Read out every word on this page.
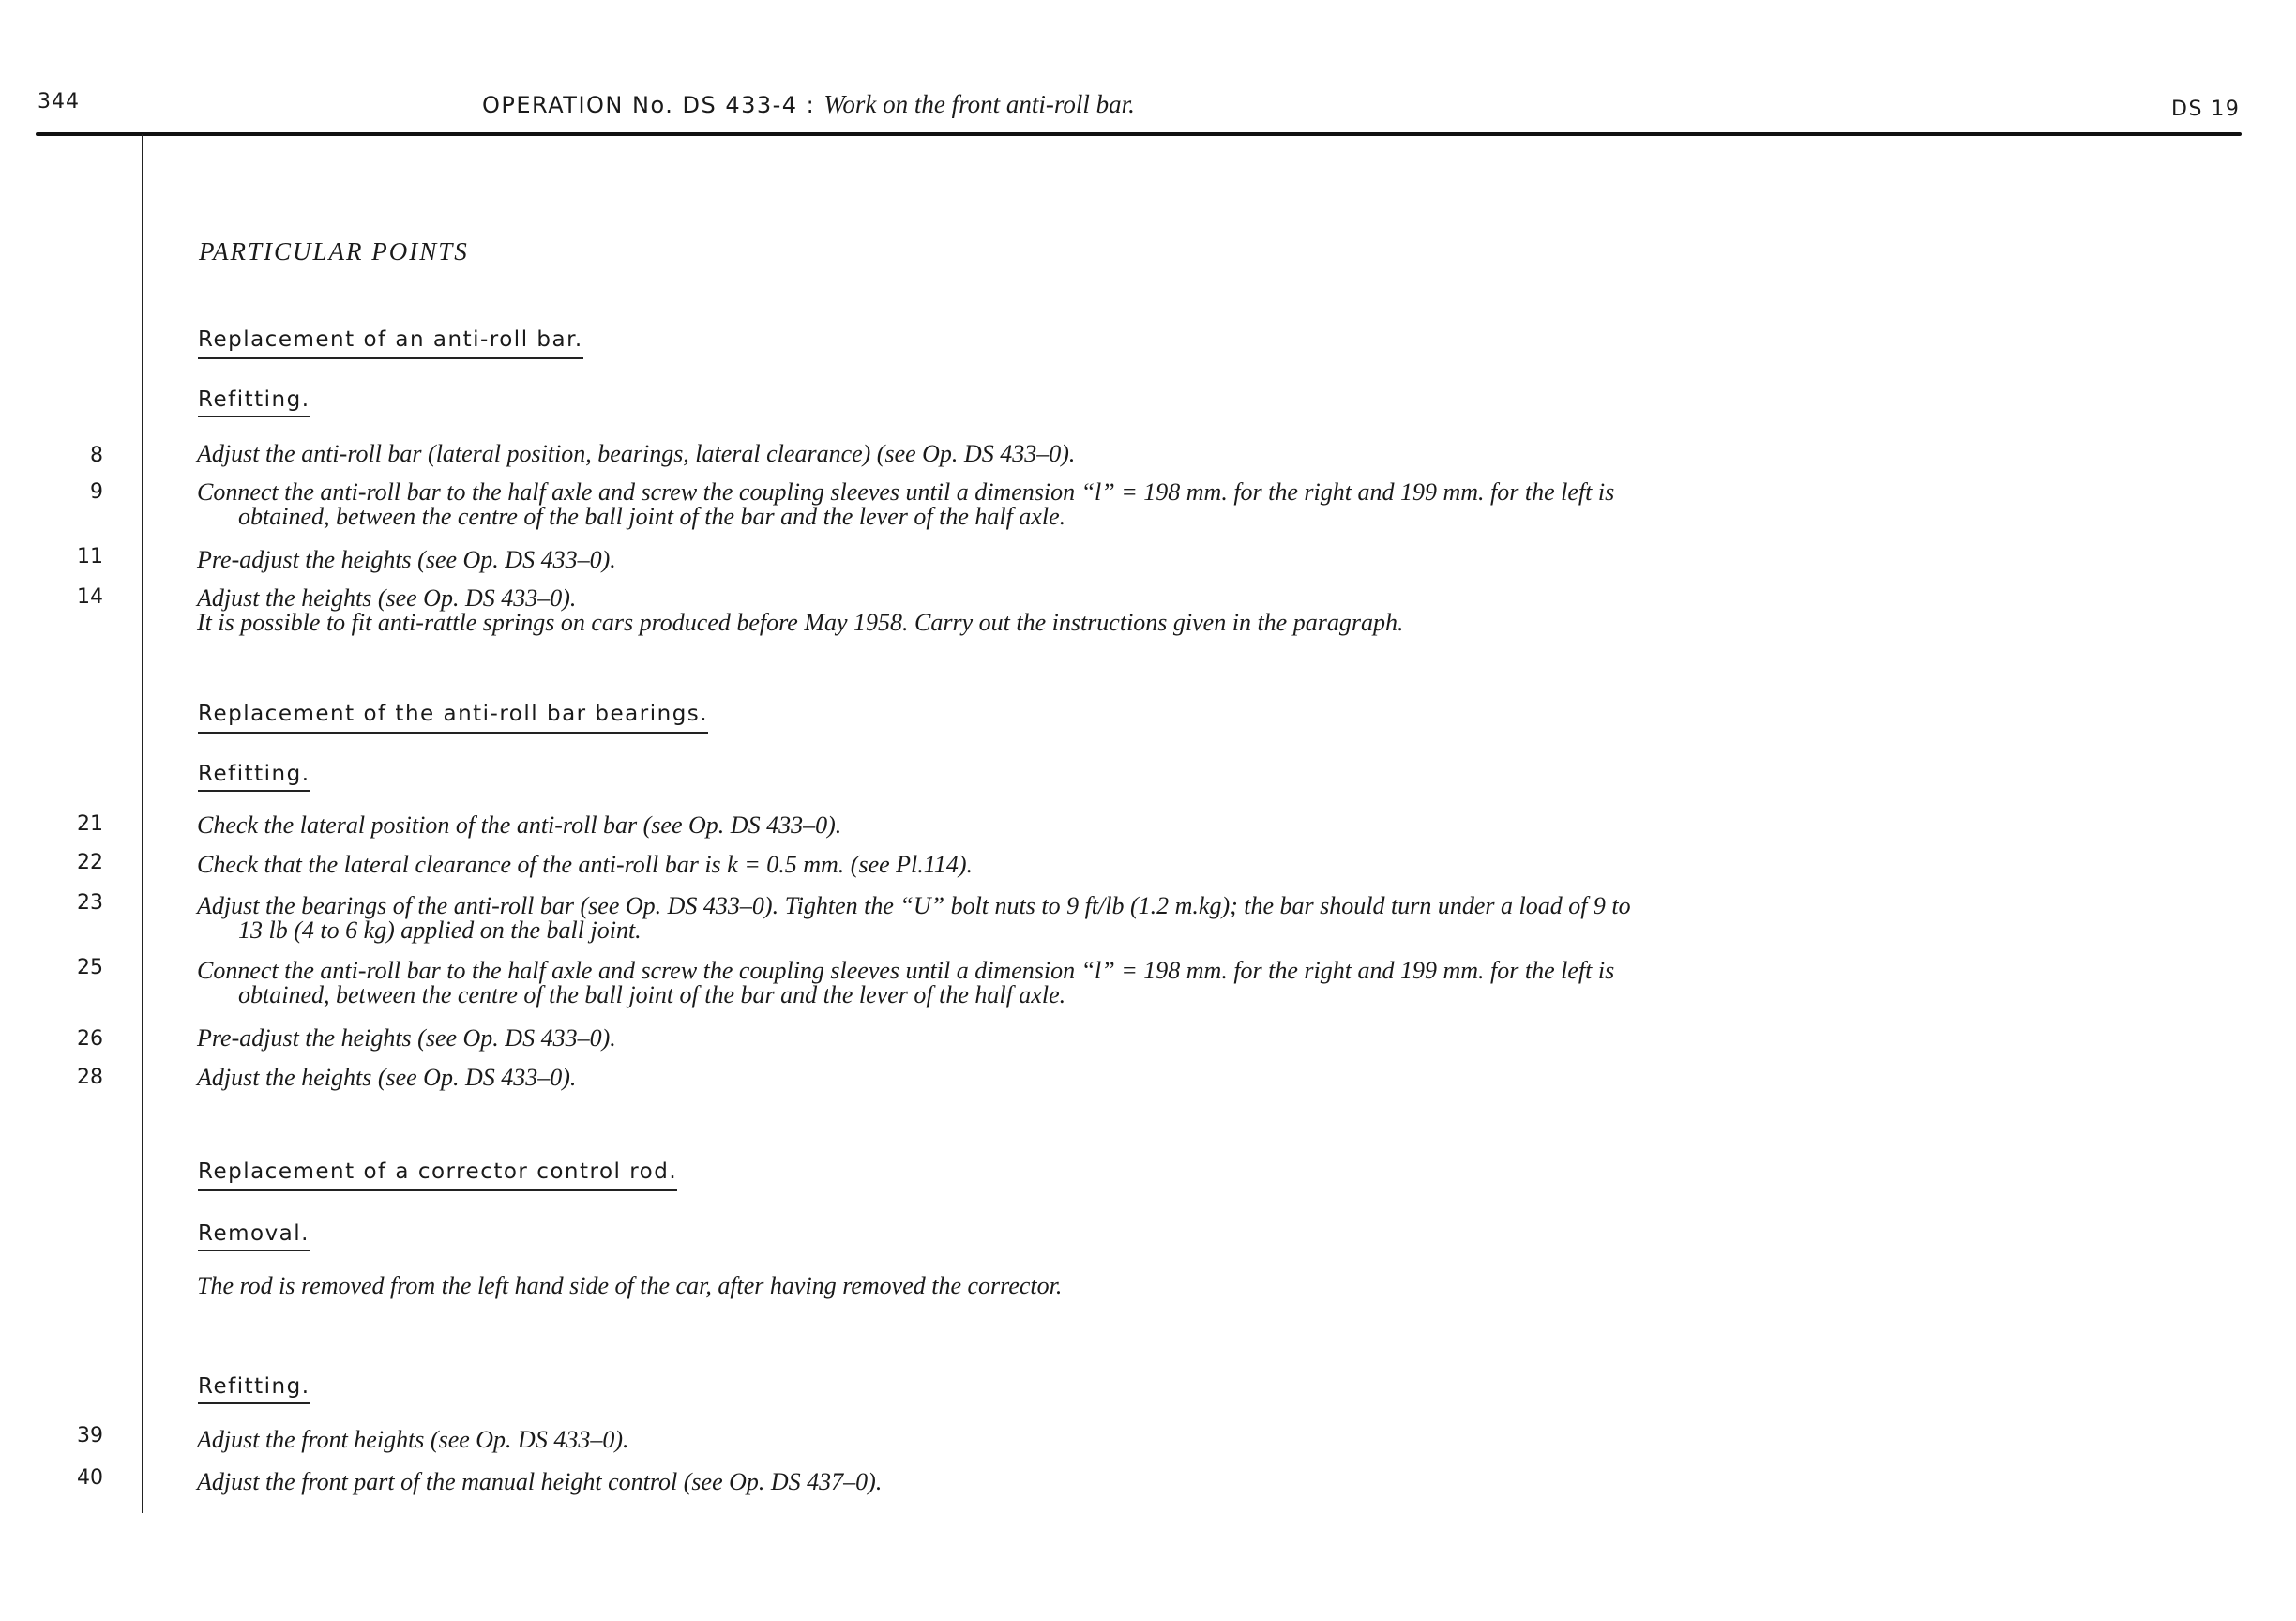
344	OPERATION No. DS 433-4 : Work on the front anti-roll bar.	DS 19
PARTICULAR POINTS
Replacement of an anti-roll bar.
Refitting.
8	Adjust the anti-roll bar (lateral position, bearings, lateral clearance) (see Op. DS 433–0).
9	Connect the anti-roll bar to the half axle and screw the coupling sleeves until a dimension “l” = 198 mm. for the right and 199 mm. for the left is
obtained, between the centre of the ball joint of the bar and the lever of the half axle.
11	Pre-adjust the heights (see Op. DS 433–0).
14	Adjust the heights (see Op. DS 433–0).
It is possible to fit anti-rattle springs on cars produced before May 1958. Carry out the instructions given in the paragraph.
Replacement of the anti-roll bar bearings.
Refitting.
21	Check the lateral position of the anti-roll bar (see Op. DS 433–0).
22	Check that the lateral clearance of the anti-roll bar is k = 0.5 mm. (see Pl.114).
23	Adjust the bearings of the anti-roll bar (see Op. DS 433–0). Tighten the “U” bolt nuts to 9 ft/lb (1.2 m.kg); the bar should turn under a load of 9 to
13 lb (4 to 6 kg) applied on the ball joint.
25	Connect the anti-roll bar to the half axle and screw the coupling sleeves until a dimension “l” = 198 mm. for the right and 199 mm. for the left is
obtained, between the centre of the ball joint of the bar and the lever of the half axle.
26	Pre-adjust the heights (see Op. DS 433–0).
28	Adjust the heights (see Op. DS 433–0).
Replacement of a corrector control rod.
Removal.
The rod is removed from the left hand side of the car, after having removed the corrector.
Refitting.
39	Adjust the front heights (see Op. DS 433–0).
40	Adjust the front part of the manual height control (see Op. DS 437–0).
